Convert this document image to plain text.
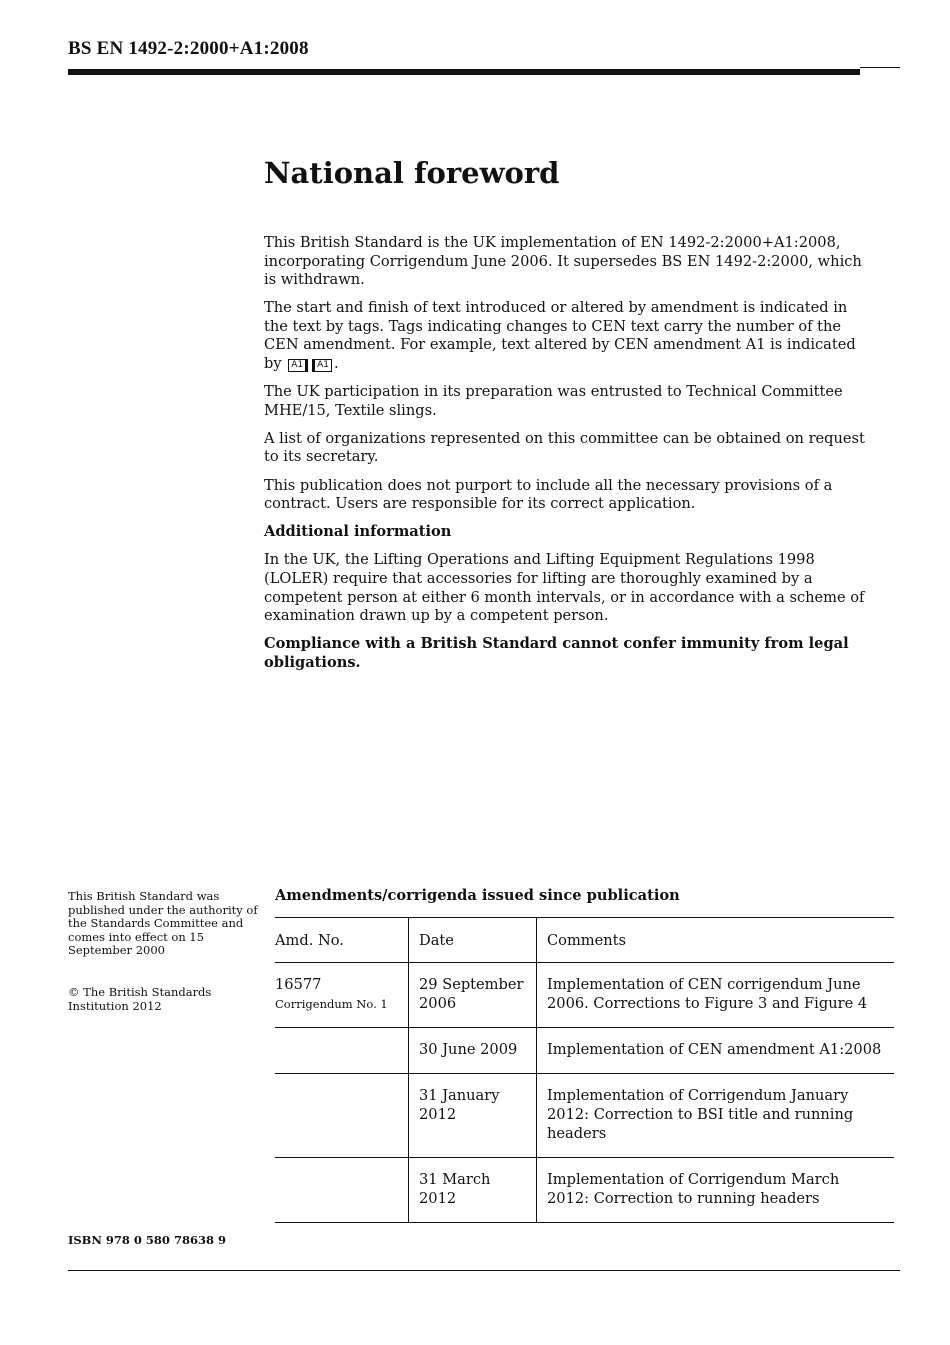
BS EN 1492-2:2000+A1:2008
National foreword

This British Standard is the UK implementation of EN 1492-2:2000+A1:2008, incorporating Corrigendum June 2006. It supersedes BS EN 1492-2:2000, which is withdrawn.

The start and finish of text introduced or altered by amendment is indicated in the text by tags. Tags indicating changes to CEN text carry the number of the CEN amendment. For example, text altered by CEN amendment A1 is indicated by A1 A1 .

The UK participation in its preparation was entrusted to Technical Committee MHE/15, Textile slings.

A list of organizations represented on this committee can be obtained on request to its secretary.

This publication does not purport to include all the necessary provisions of a contract. Users are responsible for its correct application.

Additional information

In the UK, the Lifting Operations and Lifting Equipment Regulations 1998 (LOLER) require that accessories for lifting are thoroughly examined by a competent person at either 6 month intervals, or in accordance with a scheme of examination drawn up by a competent person.

Compliance with a British Standard cannot confer immunity from legal obligations.

This British Standard was published under the authority of the Standards Committee and comes into effect on 15 September 2000

© The British Standards Institution 2012

ISBN 978 0 580 78638 9
Amendments/corrigenda issued since publication
Amd. No.	Date	Comments
16577
Corrigendum No. 1	29 September 2006	Implementation of CEN corrigendum June 2006. Corrections to Figure 3 and Figure 4
	30 June 2009	Implementation of CEN amendment A1:2008
	31 January 2012	Implementation of Corrigendum January 2012: Correction to BSI title and running headers
	31 March 2012	Implementation of Corrigendum March 2012: Correction to running headers
